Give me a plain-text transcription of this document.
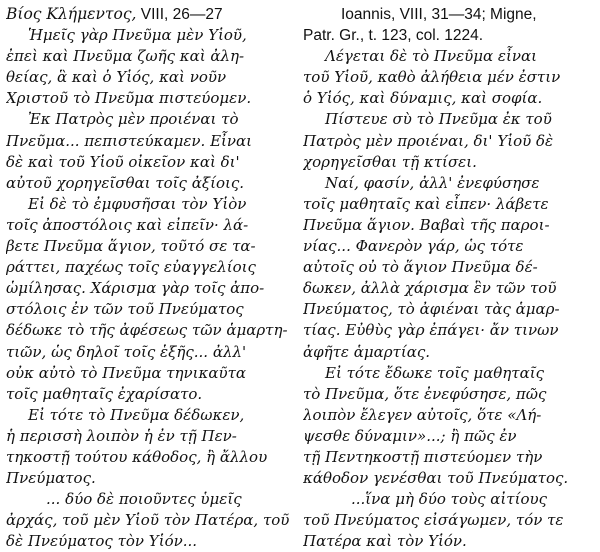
Βίος Κλήμεντος, VIII, 26—27
Ἡμεῖς γὰρ Πνεῦμα μὲν Υἱοῦ,
ἐπεὶ καὶ Πνεῦμα ζωῆς καὶ ἀλη-
θείας, ἃ καὶ ὁ Υἱός, καὶ νοῦν
Χριστοῦ τὸ Πνεῦμα πιστεύομεν.
Ἐκ Πατρὸς μὲν προιέναι τὸ
Πνεῦμα... πεπιστεύκαμεν. Εἶναι
δὲ καὶ τοῦ Υἱοῦ οἰκεῖον καὶ δι'
αὐτοῦ χορηγεῖσθαι τοῖς ἀξίοις.
Εἰ δὲ τὸ ἐμφυσῆσαι τὸν Υἱὸν
τοῖς ἀποστόλοις καὶ εἰπεῖν· λά-
βετε Πνεῦμα ἅγιον, τοῦτό σε τα-
ράττει, παχέως τοῖς εὐαγγελίοις
ὡμίλησας. Χάρισμα γὰρ τοῖς ἀπο-
στόλοις ἐν τῶν τοῦ Πνεύματος
δέδωκε τὸ τῆς ἀφέσεως τῶν ἁμαρτη-
τιῶν, ὡς δηλοῖ τοῖς ἑξῆς... ἀλλ'
οὐκ αὐτὸ τὸ Πνεῦμα τηνικαῦτα
τοῖς μαθηταῖς ἐχαρίσατο.
Εἰ τότε τὸ Πνεῦμα δέδωκεν,
ἡ περισσὴ λοιπὸν ἡ ἐν τῇ Πεν-
τηκοστῇ τούτου κάθοδος, ἢ ἄλλου
Πνεύματος.
... δύο δὲ ποιοῦντες ὑμεῖς
ἀρχάς, τοῦ μὲν Υἱοῦ τὸν Πατέρα, τοῦ
δὲ Πνεύματος τὸν Υἱόν...
Ioannis, VIII, 31—34; Migne,
Patr. Gr., t. 123, col. 1224.
Λέγεται δὲ τὸ Πνεῦμα εἶναι
τοῦ Υἱοῦ, καθὸ ἀλήθεια μέν ἐστιν
ὁ Υἱός, καὶ δύναμις, καὶ σοφία.
Πίστευε σὺ τὸ Πνεῦμα ἐκ τοῦ
Πατρὸς μὲν προιέναι, δι' Υἱοῦ δὲ
χορηγεῖσθαι τῇ κτίσει.
Ναί, φασίν, ἀλλ' ἐνεφύσησε
τοῖς μαθηταῖς καὶ εἶπεν· λάβετε
Πνεῦμα ἅγιον. Βαβαὶ τῆς παροι-
νίας... Φανερὸν γάρ, ὡς τότε
αὐτοῖς οὐ τὸ ἅγιον Πνεῦμα δέ-
δωκεν, ἀλλὰ χάρισμα ἓν τῶν τοῦ
Πνεύματος, τὸ ἀφιέναι τὰς ἁμαρ-
τίας. Εὐθὺς γὰρ ἐπάγει· ἄν τινων
ἀφῆτε ἁμαρτίας.
Εἰ τότε ἔδωκε τοῖς μαθηταῖς
τὸ Πνεῦμα, ὅτε ἐνεφύσησε, πῶς
λοιπὸν ἔλεγεν αὐτοῖς, ὅτε «Λή-
ψεσθε δύναμιν»...; ἢ πῶς ἐν
τῇ Πεντηκοστῇ πιστεύομεν τὴν
κάθοδον γενέσθαι τοῦ Πνεύματος.
...ἵνα μὴ δύο τοὺς αἰτίους
τοῦ Πνεύματος εἰσάγωμεν, τόν τε
Πατέρα καὶ τὸν Υἱόν.
